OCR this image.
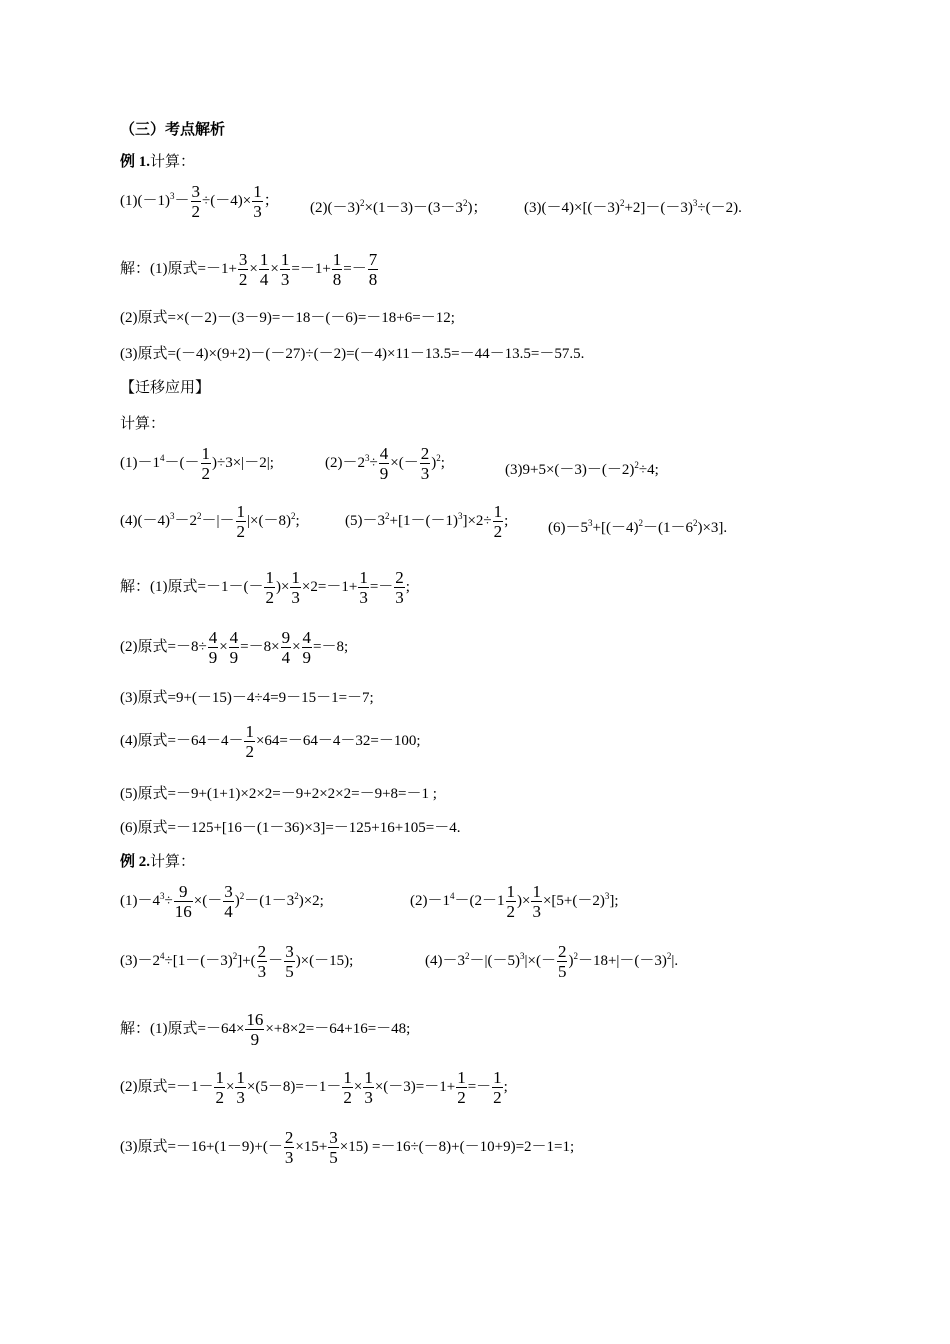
（三）考点解析
例 1.计算：
$(1)(-1)^3- \frac{3}{2} \div(-4)\times \frac{1}{3}$ ； $(2)(-3)^2\times(1-3)-(3-3^2)$； $(3)(-4)\times[(-3)^2+2]-(-3)^3\div(-2)$.
解：(1)原式$=-1+ \frac{3}{2} \times \frac{1}{4} \times \frac{1}{3} =-1+ \frac{1}{8} =- \frac{7}{8}$
(2)原式=×(－2)－(3－9)=－18－(－6)=－18+6=－12;
(3)原式=(－4)×(9+2)－(－27)÷(－2)=(－4)×11－13.5=－44－13.5=－57.5.
【迁移应用】
计算：
$(1)-1^4-(- \frac{1}{2} )\div 3\times|-2|$;	$(2)-2^3\div \frac{4}{9}$ ×(－ $\frac{2}{3} )^2$;	$(3)9+5\times(-3)-(-2)^2\div 4$;
$(4)(-4)^3-2^2-|- \frac{1}{2} |\times(-8)^2$;	$(5)-3^2+[1-(-1)^3]\times 2\div \frac{1}{2}$ ;	$(6)-5^3+[(-4)^2-(1-6^2)\times 3]$.
解：(1)原式$=-1-(- \frac{1}{2}$ )× $\frac{1}{3} \times 2=-1+ \frac{1}{3} =- \frac{2}{3}$ ;
(2)原式$=-8\div \frac{4}{9} \times \frac{4}{9} =-8\times \frac{9}{4} \times \frac{4}{9} =-8$;
(3)原式=9+(－15)－4÷4=9－15－1=－7;
(4)原式$=-64-4- \frac{1}{2} \times 64=-64-4-32=-100$;
(5)原式=－9+(1+1)×2×2=－9+2×2×2=－9+8=－1 ;
(6)原式=－125+[16－(1－36)×3]=－125+16+105=－4.
例 2.计算：
$(1)-4^3\div \frac{9}{16}$ ×(－ $\frac{3}{4} )^2-(1-3^2)\times 2$;	$(2)-1^4-(2-1 \frac{1}{2}$ )× $\frac{1}{3} \times[5+(-2)^3]$;
$(3)-2^4\div[1-(-3)^2]+( \frac{2}{3} - \frac{3}{5} )\times(-15)$;	$(4)-3^2-|(-5)^3|\times(- \frac{2}{5} )^2-18+|-(-3)^2|$.
解：(1)原式$=-64\times \frac{16}{9} \times+8\times 2=-64+16=-48$;
(2)原式$=-1- \frac{1}{2} \times \frac{1}{3} \times(5-8)=-1- \frac{1}{2} \times \frac{1}{3} \times(-3)=-1+ \frac{1}{2} =- \frac{1}{2}$ ;
(3)原式$=-16+(1-9)+(- \frac{2}{3} \times 15+ \frac{3}{5} \times 15) =-16\div(-8)+(-10+9)=2-1=1$;
